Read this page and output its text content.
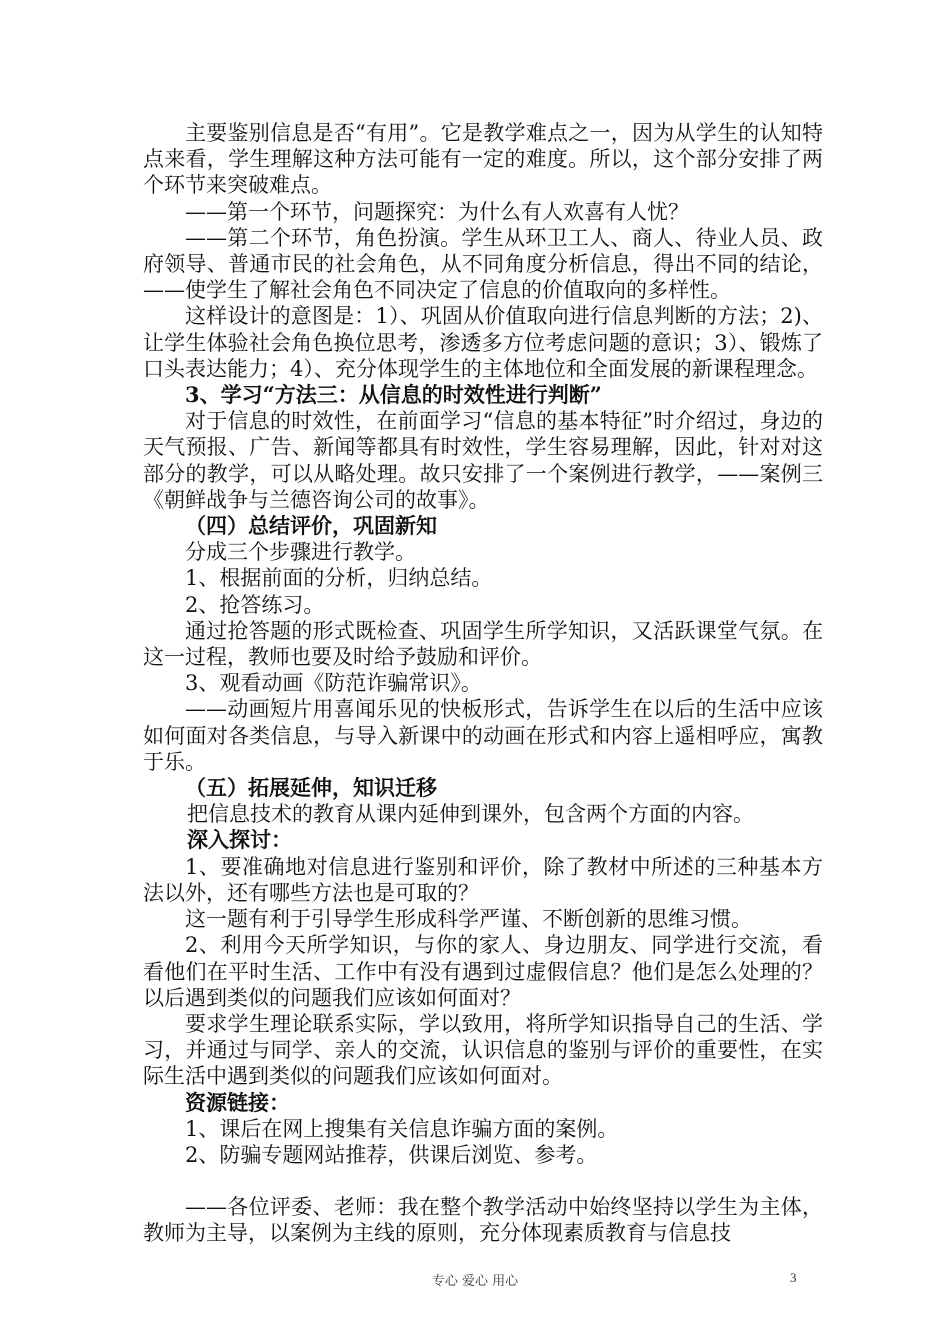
主要鉴别信息是否“有用”。它是教学难点之一，因为从学生的认知特点来看，学生理解这种方法可能有一定的难度。所以，这个部分安排了两个环节来突破难点。

——第一个环节，问题探究：为什么有人欢喜有人忧？

——第二个环节，角色扮演。学生从环卫工人、商人、待业人员、政府领导、普通市民的社会角色，从不同角度分析信息，得出不同的结论，——使学生了解社会角色不同决定了信息的价值取向的多样性。

这样设计的意图是：1）、巩固从价值取向进行信息判断的方法；2)、让学生体验社会角色换位思考，渗透多方位考虑问题的意识；3）、锻炼了口头表达能力；4）、充分体现学生的主体地位和全面发展的新课程理念。

3、学习“方法三：从信息的时效性进行判断”

对于信息的时效性，在前面学习“信息的基本特征”时介绍过，身边的天气预报、广告、新闻等都具有时效性，学生容易理解，因此，针对对这部分的教学，可以从略处理。故只安排了一个案例进行教学，——案例三《朝鲜战争与兰德咨询公司的故事》。

（四）总结评价，巩固新知

分成三个步骤进行教学。

1、根据前面的分析，归纳总结。

2、抢答练习。

通过抢答题的形式既检查、巩固学生所学知识，又活跃课堂气氛。在这一过程，教师也要及时给予鼓励和评价。

3、观看动画《防范诈骗常识》。

——动画短片用喜闻乐见的快板形式，告诉学生在以后的生活中应该如何面对各类信息，与导入新课中的动画在形式和内容上遥相呼应，寓教于乐。

（五）拓展延伸，知识迁移

把信息技术的教育从课内延伸到课外，包含两个方面的内容。

深入探讨：

1、要准确地对信息进行鉴别和评价，除了教材中所述的三种基本方法以外，还有哪些方法也是可取的？

这一题有利于引导学生形成科学严谨、不断创新的思维习惯。

2、利用今天所学知识，与你的家人、身边朋友、同学进行交流，看看他们在平时生活、工作中有没有遇到过虚假信息？他们是怎么处理的？以后遇到类似的问题我们应该如何面对？

要求学生理论联系实际，学以致用，将所学知识指导自己的生活、学习，并通过与同学、亲人的交流，认识信息的鉴别与评价的重要性，在实际生活中遇到类似的问题我们应该如何面对。

资源链接：

1、课后在网上搜集有关信息诈骗方面的案例。

2、防骗专题网站推荐，供课后浏览、参考。

——各位评委、老师：我在整个教学活动中始终坚持以学生为主体，教师为主导，以案例为主线的原则，充分体现素质教育与信息技

专心 爱心 用心	3
